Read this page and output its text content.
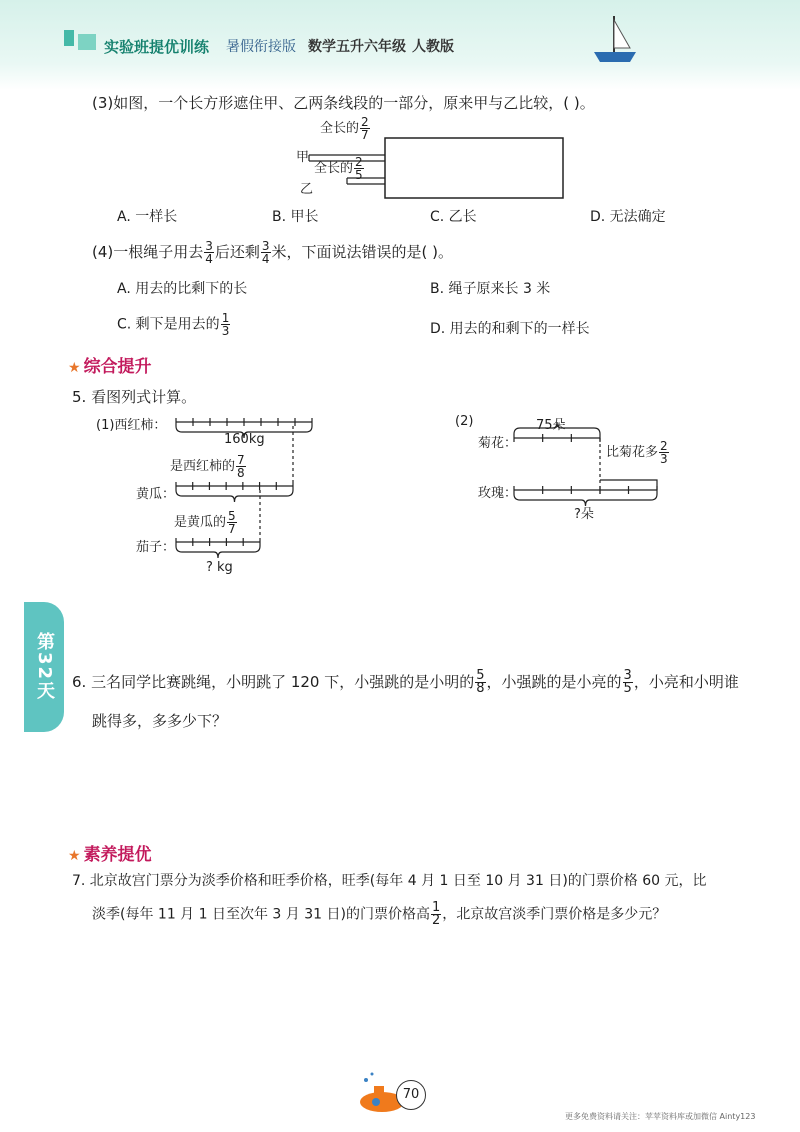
实验班提优训练 暑假衔接版 数学五升六年级 人教版
(3)如图，一个长方形遮住甲、乙两条线段的一部分，原来甲与乙比较，( )。
全长的 $\frac{2}{7}$
甲
全长的 $\frac{2}{5}$
乙
A. 一样长	B. 甲长	C. 乙长	D. 无法确定
(4)一根绳子用去 $\frac{3}{4}$ 后还剩 $\frac{3}{4}$ 米，下面说法错误的是( )。
A. 用去的比剩下的长	B. 绳子原来长 3 米
C. 剩下是用去的 $\frac{1}{3}$	D. 用去的和剩下的一样长
★ 综合提升
5. 看图列式计算。
(1)西红柿：
160kg
是西红柿的 $\frac{7}{8}$
黄瓜：
是黄瓜的 $\frac{5}{7}$
茄子：
? kg
(2)	75朵
菊花：
比菊花多 $\frac{2}{3}$
玫瑰：
?朵
第32天	6. 三名同学比赛跳绳，小明跳了 120 下，小强跳的是小明的 $\frac{5}{8}$ ，小强跳的是小亮的 $\frac{3}{5}$ ，小亮和小明谁
跳得多，多多少下？
★ 素养提优
7. 北京故宫门票分为淡季价格和旺季价格，旺季(每年 4 月 1 日至 10 月 31 日)的门票价格 60 元，比
淡季(每年 11 月 1 日至次年 3 月 31 日)的门票价格高 $\frac{1}{2}$ ，北京故宫淡季门票价格是多少元？
70
更多免费资料请关注：苹苹资料库或加微信 Ainty123
